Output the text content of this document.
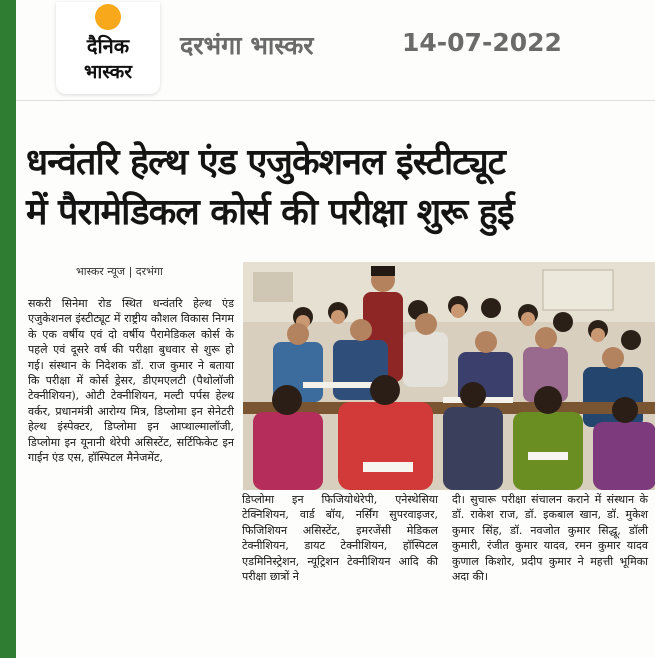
दैनिक
भास्कर
दरभंगा भास्कर	14-07-2022
धन्वंतरि हेल्थ एंड एजुकेशनल इंस्टीट्यूट
में पैरामेडिकल कोर्स की परीक्षा शुरू हुई
भास्कर न्यूज | दरभंगा
सकरी सिनेमा रोड स्थित धन्वंतरि हेल्थ एंड एजुकेशनल इंस्टीट्यूट में राष्ट्रीय कौशल विकास निगम के एक वर्षीय एवं दो वर्षीय पैरामेडिकल कोर्स के पहले एवं दूसरे वर्ष की परीक्षा बुधवार से शुरू हो गई। संस्थान के निदेशक डॉ. राज कुमार ने बताया कि परीक्षा में कोर्स ड्रेसर, डीएमएलटी (पैथोलॉजी टेक्नीशियन), ओटी टेक्नीशियन, मल्टी पर्पस हेल्थ वर्कर, प्रधानमंत्री आरोग्य मित्र, डिप्लोमा इन सेनेटरी हेल्थ इंस्पेक्टर, डिप्लोमा इन आप्थाल्मालॉजी, डिप्लोमा इन यूनानी थेरेपी असिस्टेंट, सर्टिफिकेट इन गाईन एंड एस, हॉस्पिटल मैनेजमेंट,
डिप्लोमा इन फिजियोथेरेपी, एनेस्थेसिया टेक्निशियन, वार्ड बॉय, नर्सिंग सुपरवाइजर, फिजिशियन असिस्टेंट, इमरजेंसी मेडिकल टेक्नीशियन, डायट टेक्नीशियन, हॉस्पिटल एडमिनिस्ट्रेशन, न्यूट्रिशन टेक्नीशियन आदि की परीक्षा छात्रों ने
दी। सुचारू परीक्षा संचालन कराने में संस्थान के डॉ. राकेश राज, डॉ. इकबाल खान, डॉ. मुकेश कुमार सिंह, डॉ. नवजोत कुमार सिद्धू, डॉली कुमारी, रंजीत कुमार यादव, रमन कुमार यादव कुणाल किशोर, प्रदीप कुमार ने महत्ती भूमिका अदा की।
